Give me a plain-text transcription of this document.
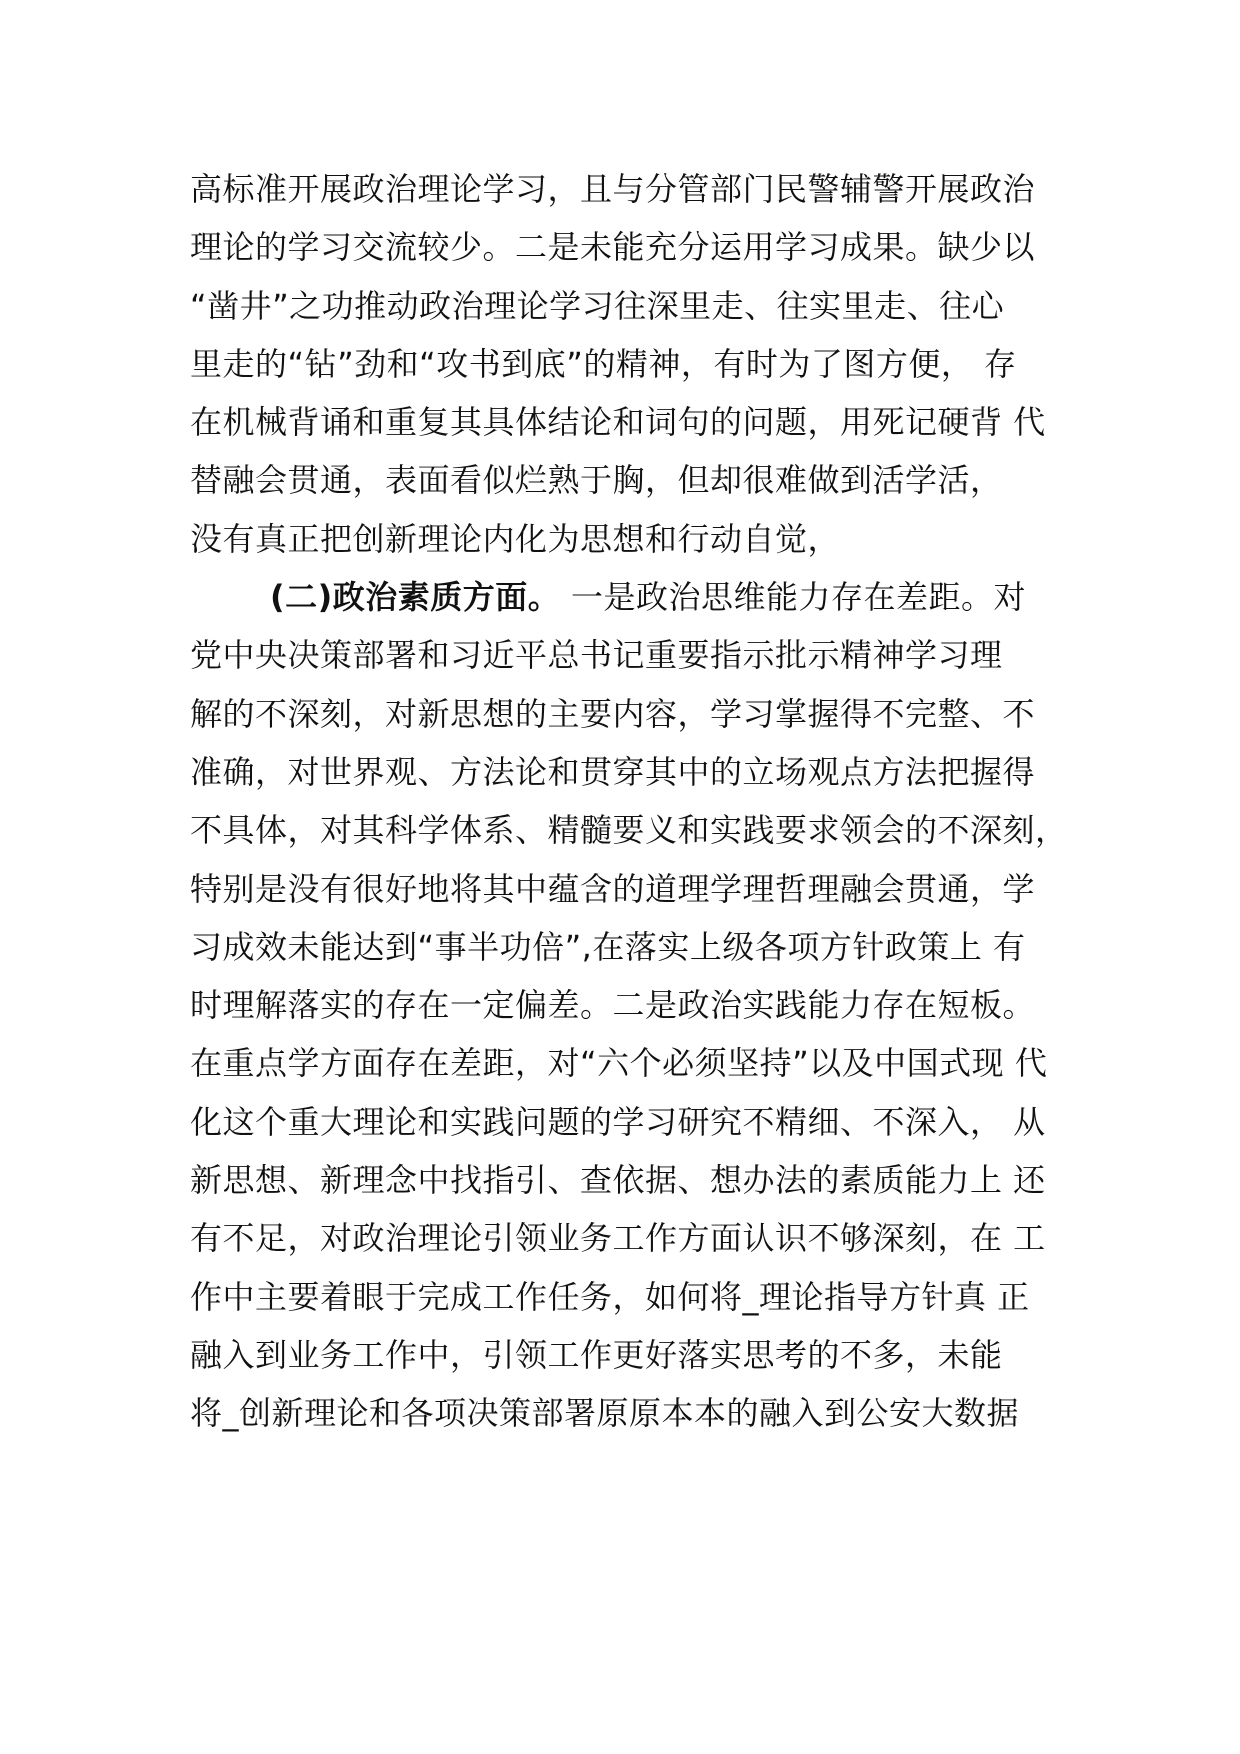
高标准开展政治理论学习，且与分管部门民警辅警开展政治
理论的学习交流较少。二是未能充分运用学习成果。缺少以
“凿井”之功推动政治理论学习往深里走、往实里走、往心
里走的“钻”劲和“攻书到底”的精神，有时为了图方便， 存
在机械背诵和重复其具体结论和词句的问题，用死记硬背 代
替融会贯通，表面看似烂熟于胸，但却很难做到活学活，
没有真正把创新理论内化为思想和行动自觉，
(二)政治素质方面。 一是政治思维能力存在差距。对
党中央决策部署和习近平总书记重要指示批示精神学习理
解的不深刻，对新思想的主要内容，学习掌握得不完整、不
准确，对世界观、方法论和贯穿其中的立场观点方法把握得
不具体，对其科学体系、精髓要义和实践要求领会的不深刻，
特别是没有很好地将其中蕴含的道理学理哲理融会贯通，学
习成效未能达到“事半功倍”,在落实上级各项方针政策上 有
时理解落实的存在一定偏差。二是政治实践能力存在短板。
在重点学方面存在差距，对“六个必须坚持”以及中国式现 代
化这个重大理论和实践问题的学习研究不精细、不深入， 从
新思想、新理念中找指引、查依据、想办法的素质能力上 还
有不足，对政治理论引领业务工作方面认识不够深刻，在 工
作中主要着眼于完成工作任务，如何将_理论指导方针真 正
融入到业务工作中，引领工作更好落实思考的不多，未能
将_创新理论和各项决策部署原原本本的融入到公安大数据
